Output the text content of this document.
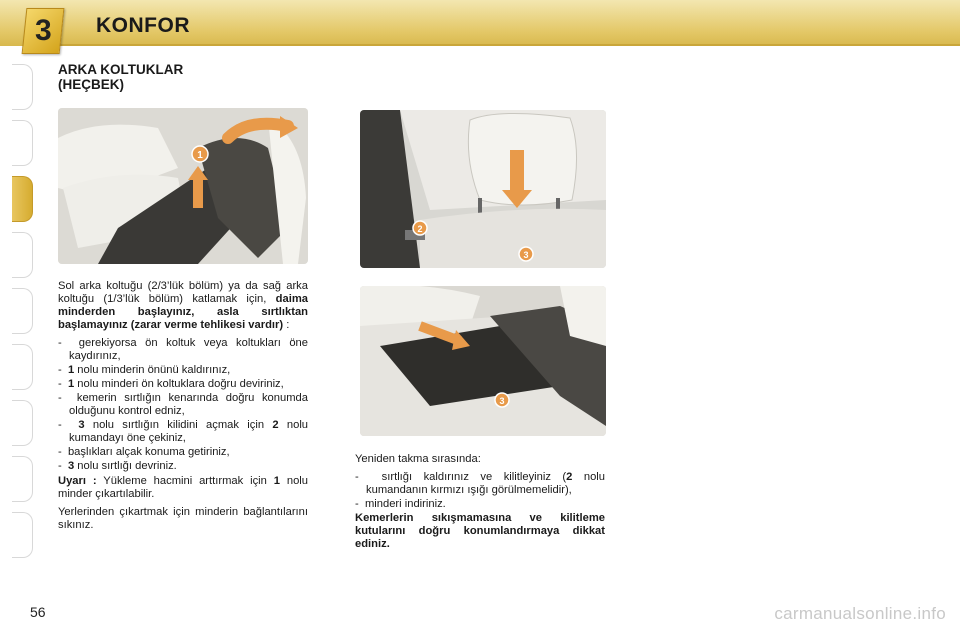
3 KONFOR
ARKA KOLTUKLAR
(HEÇBEK)
1
2
3
3

Sol arka koltuğu (2/3’lük bölüm) ya da sağ arka koltuğu (1/3’lük bölüm) katlamak için, daima minderden başlayınız, asla sırtlıktan başlamayınız (zarar verme tehlikesi vardır) :

-  gerekiyorsa ön koltuk veya koltukları öne kaydırınız,
-  1 nolu minderin önünü kaldırınız,
-  1 nolu minderi ön koltuklara doğru deviriniz,
-  kemerin sırtlığın kenarında doğru konumda olduğunu kontrol edniz,
-  3 nolu sırtlığın kilidini açmak için 2 nolu kumandayı öne çekiniz,
-  başlıkları alçak konuma getiriniz,
-  3 nolu sırtlığı devriniz.

Uyarı : Yükleme hacmini arttırmak için 1 nolu minder çıkartılabilir.

Yerlerinden çıkartmak için minderin bağlantılarını sıkınız.

Yeniden takma sırasında:

-  sırtlığı kaldırınız ve kilitleyiniz (2 nolu kumandanın kırmızı ışığı görülmemelidir),
-  minderi indiriniz.

Kemerlerin sıkışmamasına ve kilitleme kutularını doğru konumlandırmaya dikkat ediniz.

56	carmanualsonline.info
